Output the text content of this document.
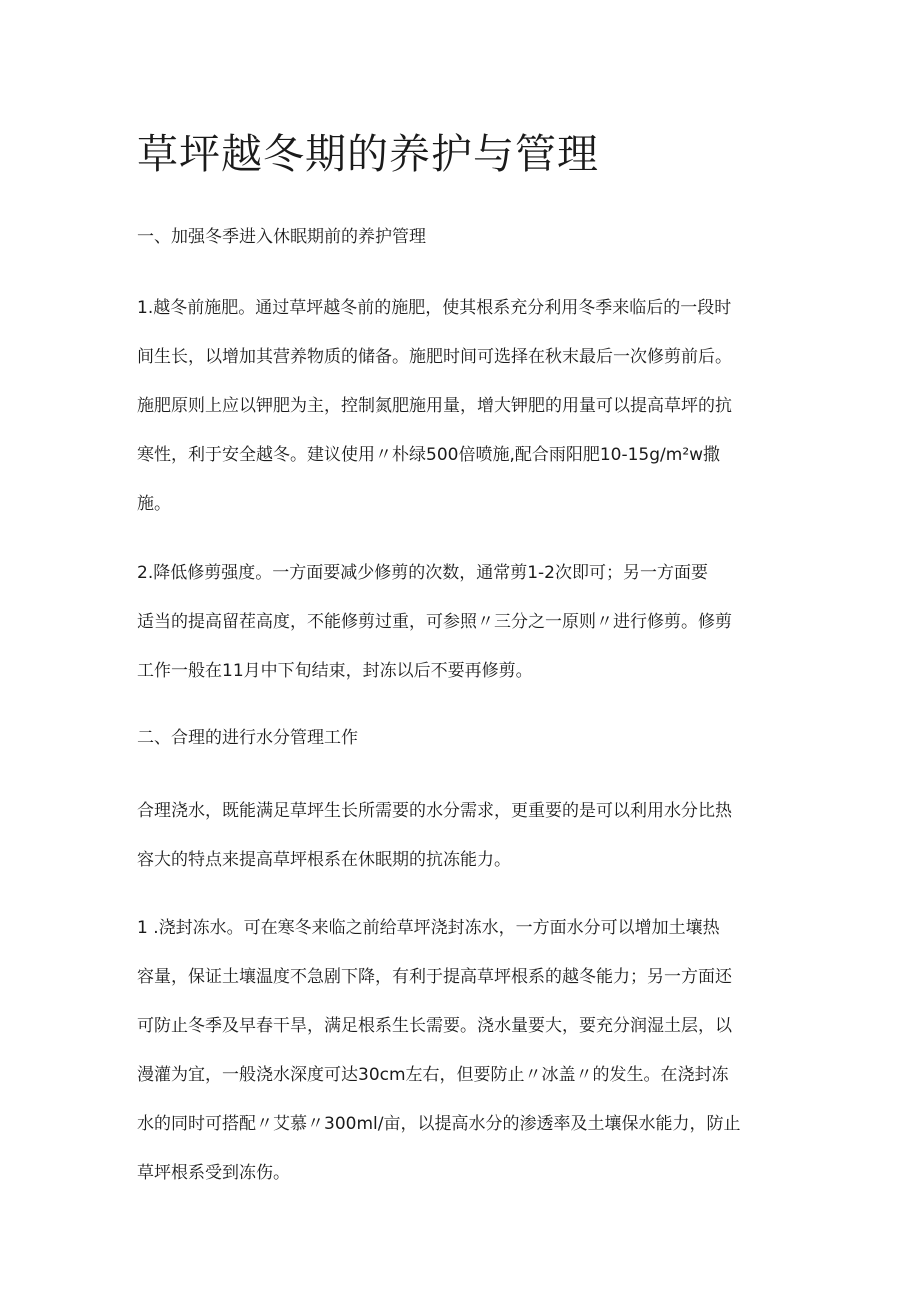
草坪越冬期的养护与管理
一、加强冬季进入休眠期前的养护管理
1.越冬前施肥。通过草坪越冬前的施肥，使其根系充分利用冬季来临后的一段时
间生长，以增加其营养物质的储备。施肥时间可选择在秋末最后一次修剪前后。
施肥原则上应以钾肥为主，控制氮肥施用量，增大钾肥的用量可以提高草坪的抗
寒性，利于安全越冬。建议使用〃朴绿500倍喷施,配合雨阳肥10-15g∕m²w撒
施。
2.降低修剪强度。一方面要减少修剪的次数，通常剪1-2次即可；另一方面要
适当的提高留茬高度，不能修剪过重，可参照〃三分之一原则〃进行修剪。修剪
工作一般在11月中下旬结束，封冻以后不要再修剪。
二、合理的进行水分管理工作
合理浇水，既能满足草坪生长所需要的水分需求，更重要的是可以利用水分比热
容大的特点来提高草坪根系在休眠期的抗冻能力。
1 .浇封冻水。可在寒冬来临之前给草坪浇封冻水，一方面水分可以增加土壤热
容量，保证土壤温度不急剧下降，有利于提高草坪根系的越冬能力；另一方面还
可防止冬季及早春干旱，满足根系生长需要。浇水量要大，要充分润湿土层，以
漫灌为宜，一般浇水深度可达30cm左右，但要防止〃冰盖〃的发生。在浇封冻
水的同时可搭配〃艾慕〃300ml∕亩，以提高水分的渗透率及土壤保水能力，防止
草坪根系受到冻伤。
